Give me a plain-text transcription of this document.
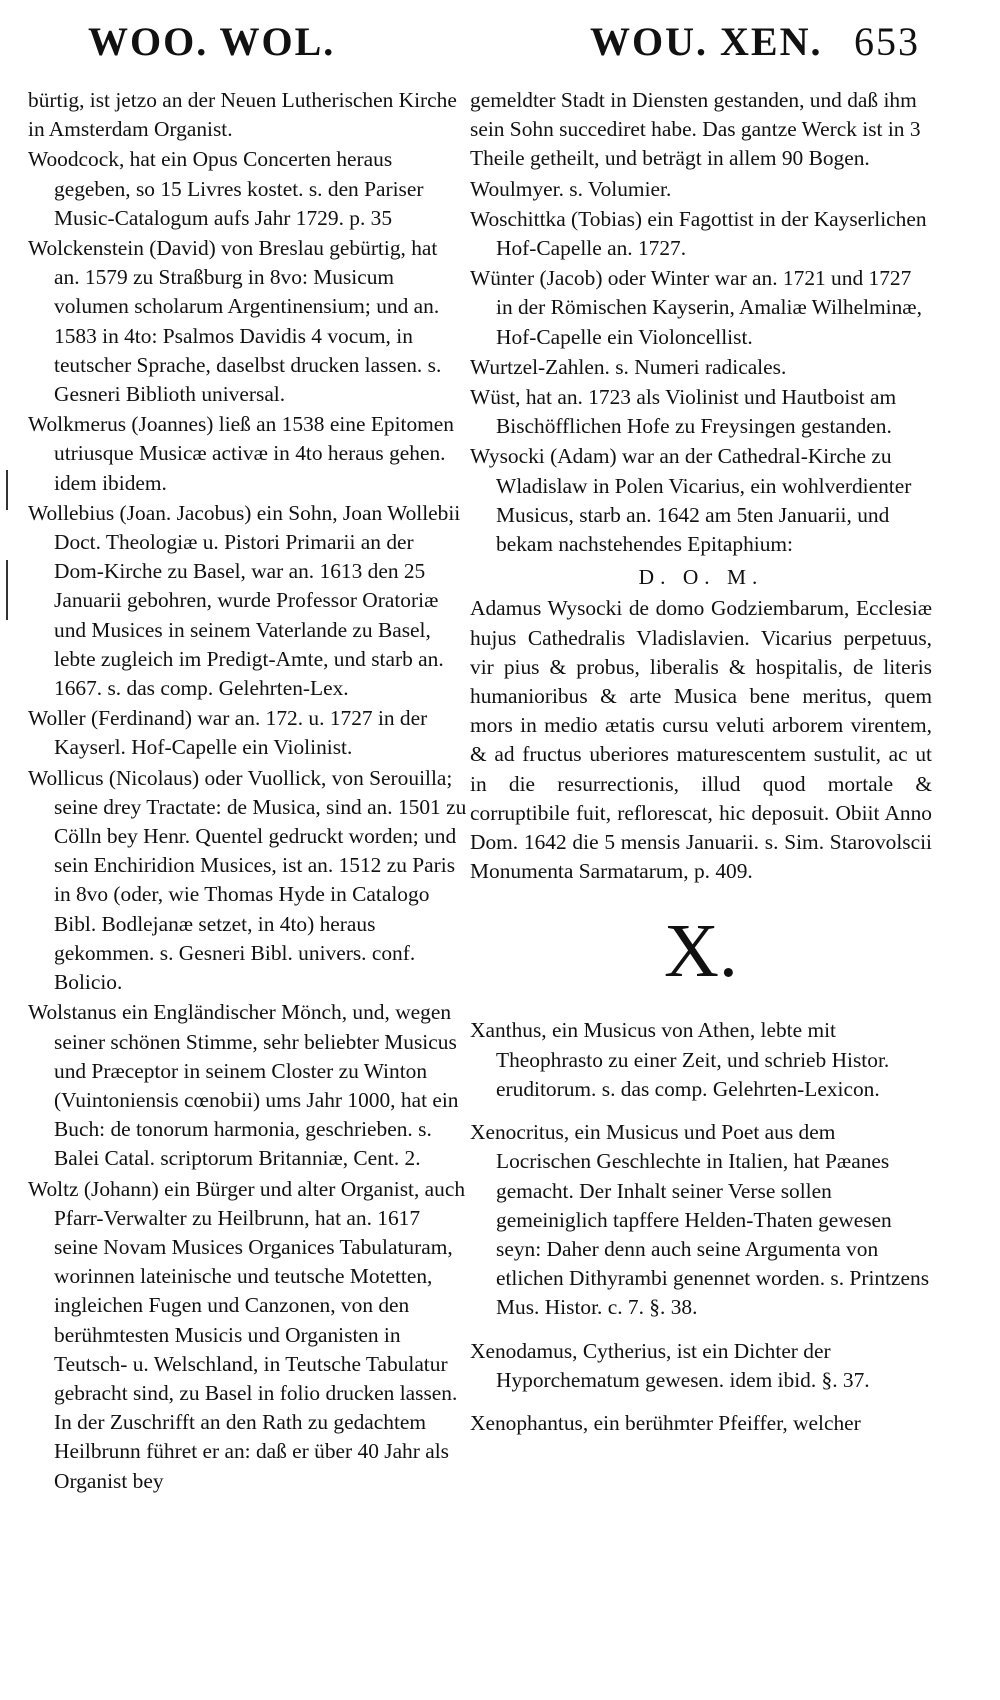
WOO. WOL.	WOU. XEN. 653
bürtig, ist jetzo an der Neuen Lutherischen Kirche in Amsterdam Organist.
Woodcock, hat ein Opus Concerten heraus gegeben, so 15 Livres kostet. s. den Pariser Music-Catalogum aufs Jahr 1729. p. 35
Wolckenstein (David) von Breslau gebürtig, hat an. 1579 zu Straßburg in 8vo: Musicum volumen scholarum Argentinensium; und an. 1583 in 4to: Psalmos Davidis 4 vocum, in teutscher Sprache, daselbst drucken lassen. s. Gesneri Biblioth universal.
Wolkmerus (Joannes) ließ an 1538 eine Epitomen utriusque Musicæ activæ in 4to heraus gehen. idem ibidem.
Wollebius (Joan. Jacobus) ein Sohn, Joan Wollebii Doct. Theologiæ u. Pistori Primarii an der Dom-Kirche zu Basel, war an. 1613 den 25 Januarii gebohren, wurde Professor Oratoriæ und Musices in seinem Vaterlande zu Basel, lebte zugleich im Predigt-Amte, und starb an. 1667. s. das comp. Gelehrten-Lex.
Woller (Ferdinand) war an. 172. u. 1727 in der Kayserl. Hof-Capelle ein Violinist.
Wollicus (Nicolaus) oder Vuollick, von Serouilla; seine drey Tractate: de Musica, sind an. 1501 zu Cölln bey Henr. Quentel gedruckt worden; und sein Enchiridion Musices, ist an. 1512 zu Paris in 8vo (oder, wie Thomas Hyde in Catalogo Bibl. Bodlejanæ setzet, in 4to) heraus gekommen. s. Gesneri Bibl. univers. conf. Bolicio.
Wolstanus ein Engländischer Mönch, und, wegen seiner schönen Stimme, sehr beliebter Musicus und Præceptor in seinem Closter zu Winton (Vuintoniensis cœnobii) ums Jahr 1000, hat ein Buch: de tonorum harmonia, geschrieben. s. Balei Catal. scriptorum Britanniæ, Cent. 2.
Woltz (Johann) ein Bürger und alter Organist, auch Pfarr-Verwalter zu Heilbrunn, hat an. 1617 seine Novam Musices Organices Tabulaturam, worinnen lateinische und teutsche Motetten, ingleichen Fugen und Canzonen, von den berühmtesten Musicis und Organisten in Teutsch- u. Welschland, in Teutsche Tabulatur gebracht sind, zu Basel in folio drucken lassen. In der Zuschrifft an den Rath zu gedachtem Heilbrunn führet er an: daß er über 40 Jahr als Organist bey
gemeldter Stadt in Diensten gestanden, und daß ihm sein Sohn succediret habe. Das gantze Werck ist in 3 Theile getheilt, und beträgt in allem 90 Bogen.
Woulmyer. s. Volumier.
Woschittka (Tobias) ein Fagottist in der Kayserlichen Hof-Capelle an. 1727.
Wünter (Jacob) oder Winter war an. 1721 und 1727 in der Römischen Kayserin, Amaliæ Wilhelminæ, Hof-Capelle ein Violoncellist.
Wurtzel-Zahlen. s. Numeri radicales.
Wüst, hat an. 1723 als Violinist und Hautboist am Bischöfflichen Hofe zu Freysingen gestanden.
Wysocki (Adam) war an der Cathedral-Kirche zu Wladislaw in Polen Vicarius, ein wohlverdienter Musicus, starb an. 1642 am 5ten Januarii, und bekam nachstehendes Epitaphium:
D. O. M.
Adamus Wysocki de domo Godziembarum, Ecclesiæ hujus Cathedralis Vladislavien. Vicarius perpetuus, vir pius & probus, liberalis & hospitalis, de literis humanioribus & arte Musica bene meritus, quem mors in medio ætatis cursu veluti arborem virentem, & ad fructus uberiores maturescentem sustulit, ac ut in die resurrectionis, illud quod mortale & corruptibile fuit, reflorescat, hic deposuit. Obiit Anno Dom. 1642 die 5 mensis Januarii. s. Sim. Starovolscii Monumenta Sarmatarum, p. 409.
X.
Xanthus, ein Musicus von Athen, lebte mit Theophrasto zu einer Zeit, und schrieb Histor. eruditorum. s. das comp. Gelehrten-Lexicon.
Xenocritus, ein Musicus und Poet aus dem Locrischen Geschlechte in Italien, hat Pæanes gemacht. Der Inhalt seiner Verse sollen gemeiniglich tapffere Helden-Thaten gewesen seyn: Daher denn auch seine Argumenta von etlichen Dithyrambi genennet worden. s. Printzens Mus. Histor. c. 7. §. 38.
Xenodamus, Cytherius, ist ein Dichter der Hyporchematum gewesen. idem ibid. §. 37.
Xenophantus, ein berühmter Pfeiffer, welcher
